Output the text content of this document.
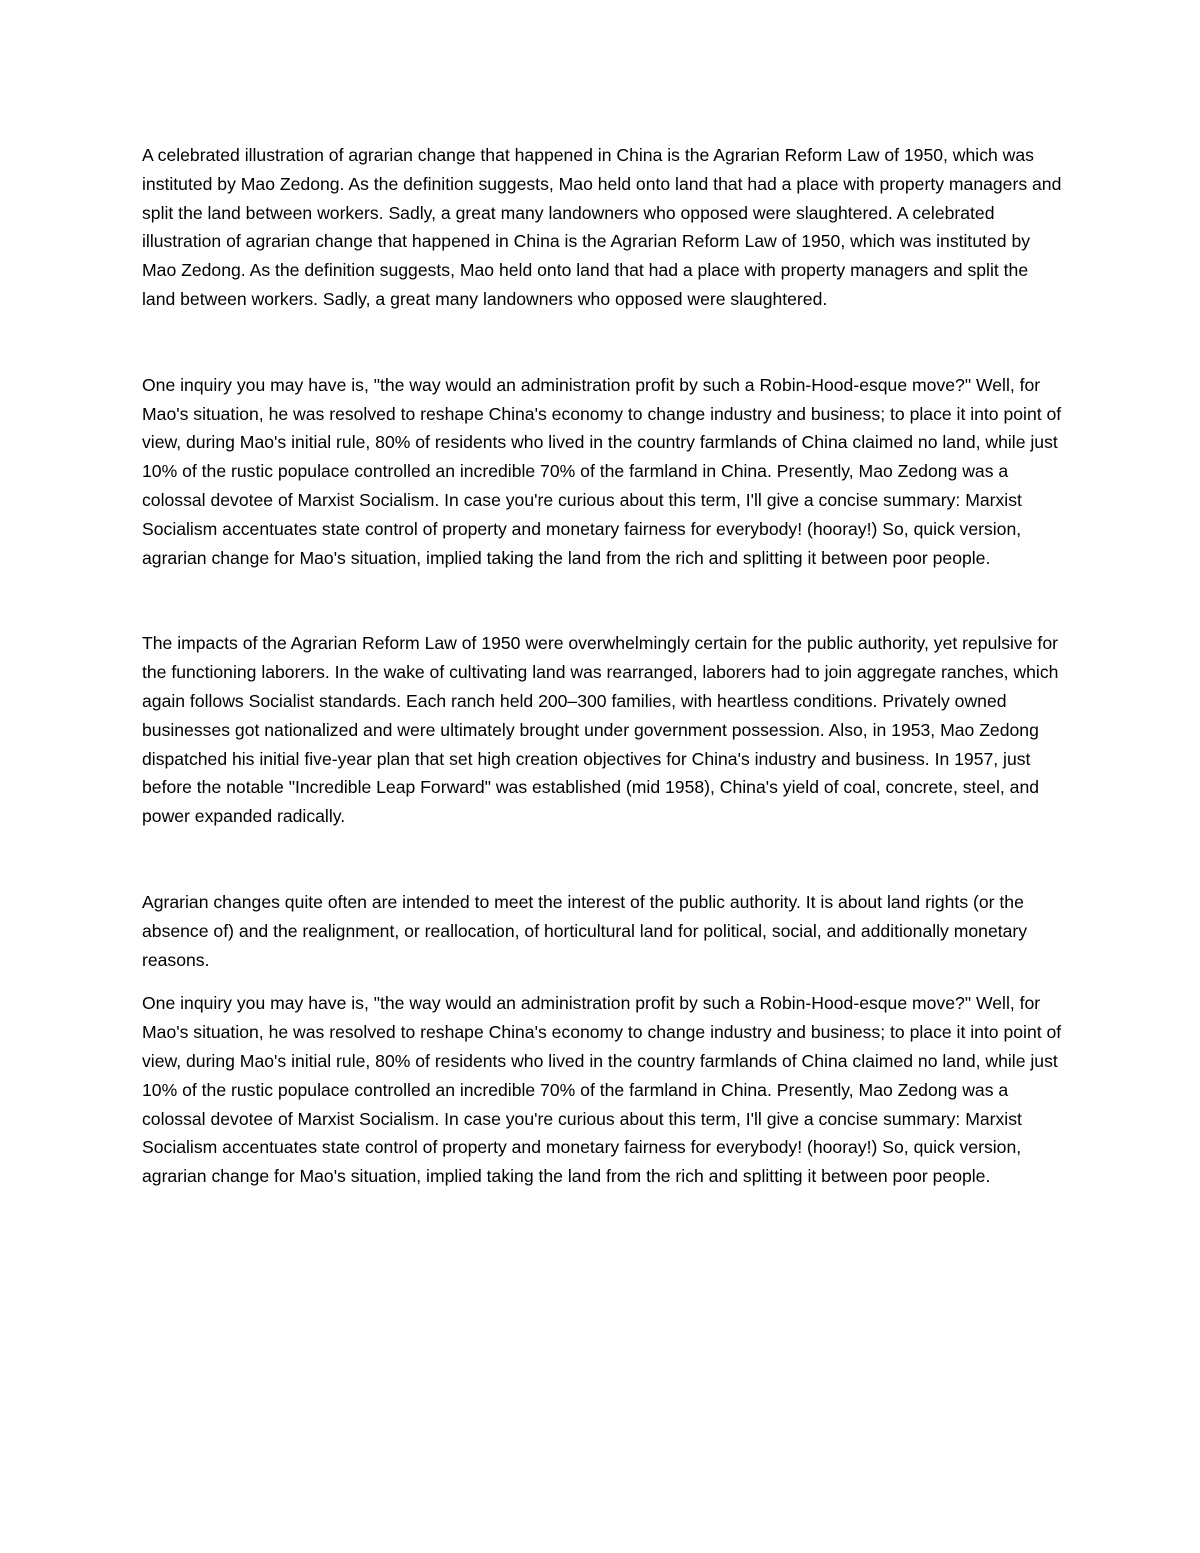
A celebrated illustration of agrarian change that happened in China is the Agrarian Reform Law of 1950, which was instituted by Mao Zedong. As the definition suggests, Mao held onto land that had a place with property managers and split the land between workers. Sadly, a great many landowners who opposed were slaughtered. A celebrated illustration of agrarian change that happened in China is the Agrarian Reform Law of 1950, which was instituted by Mao Zedong. As the definition suggests, Mao held onto land that had a place with property managers and split the land between workers. Sadly, a great many landowners who opposed were slaughtered.

One inquiry you may have is, "the way would an administration profit by such a Robin-Hood-esque move?" Well, for Mao's situation, he was resolved to reshape China's economy to change industry and business; to place it into point of view, during Mao's initial rule, 80% of residents who lived in the country farmlands of China claimed no land, while just 10% of the rustic populace controlled an incredible 70% of the farmland in China. Presently, Mao Zedong was a colossal devotee of Marxist Socialism. In case you're curious about this term, I'll give a concise summary: Marxist Socialism accentuates state control of property and monetary fairness for everybody! (hooray!) So, quick version, agrarian change for Mao's situation, implied taking the land from the rich and splitting it between poor people.

The impacts of the Agrarian Reform Law of 1950 were overwhelmingly certain for the public authority, yet repulsive for the functioning laborers. In the wake of cultivating land was rearranged, laborers had to join aggregate ranches, which again follows Socialist standards. Each ranch held 200–300 families, with heartless conditions. Privately owned businesses got nationalized and were ultimately brought under government possession. Also, in 1953, Mao Zedong dispatched his initial five-year plan that set high creation objectives for China's industry and business. In 1957, just before the notable "Incredible Leap Forward" was established (mid 1958), China's yield of coal, concrete, steel, and power expanded radically.

Agrarian changes quite often are intended to meet the interest of the public authority. It is about land rights (or the absence of) and the realignment, or reallocation, of horticultural land for political, social, and additionally monetary reasons.

One inquiry you may have is, "the way would an administration profit by such a Robin-Hood-esque move?" Well, for Mao's situation, he was resolved to reshape China's economy to change industry and business; to place it into point of view, during Mao's initial rule, 80% of residents who lived in the country farmlands of China claimed no land, while just 10% of the rustic populace controlled an incredible 70% of the farmland in China. Presently, Mao Zedong was a colossal devotee of Marxist Socialism. In case you're curious about this term, I'll give a concise summary: Marxist Socialism accentuates state control of property and monetary fairness for everybody! (hooray!) So, quick version, agrarian change for Mao's situation, implied taking the land from the rich and splitting it between poor people.
